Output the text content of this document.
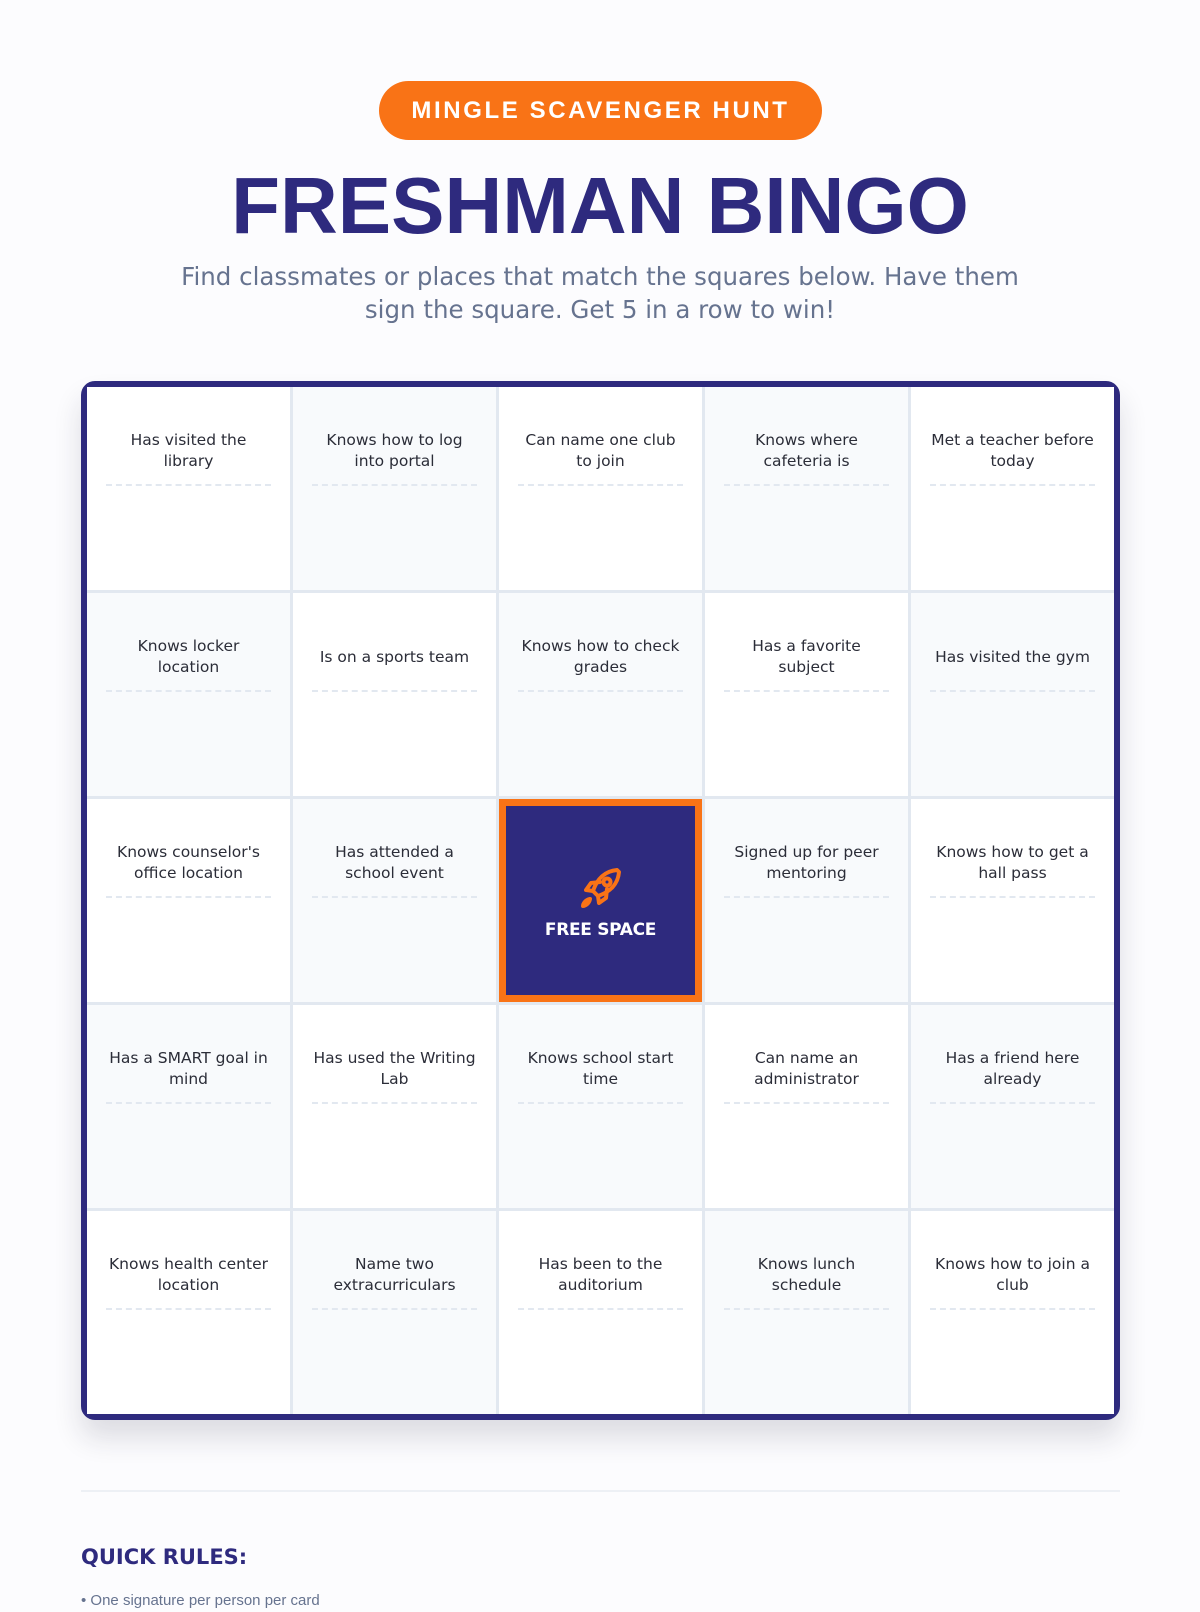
MINGLE SCAVENGER HUNT
FRESHMAN BINGO

Find classmates or places that match the squares below. Have them sign the square. Get 5 in a row to win!

Has visited the library
Knows how to log into portal
Can name one club to join
Knows where cafeteria is
Met a teacher before today
Knows locker location
Is on a sports team
Knows how to check grades
Has a favorite subject
Has visited the gym
Knows counselor's office location
Has attended a school event
FREE SPACE
Signed up for peer mentoring
Knows how to get a hall pass
Has a SMART goal in mind
Has used the Writing Lab
Knows school start time
Can name an administrator
Has a friend here already
Knows health center location
Name two extracurriculars
Has been to the auditorium
Knows lunch schedule
Knows how to join a club
QUICK RULES:
• One signature per person per card
